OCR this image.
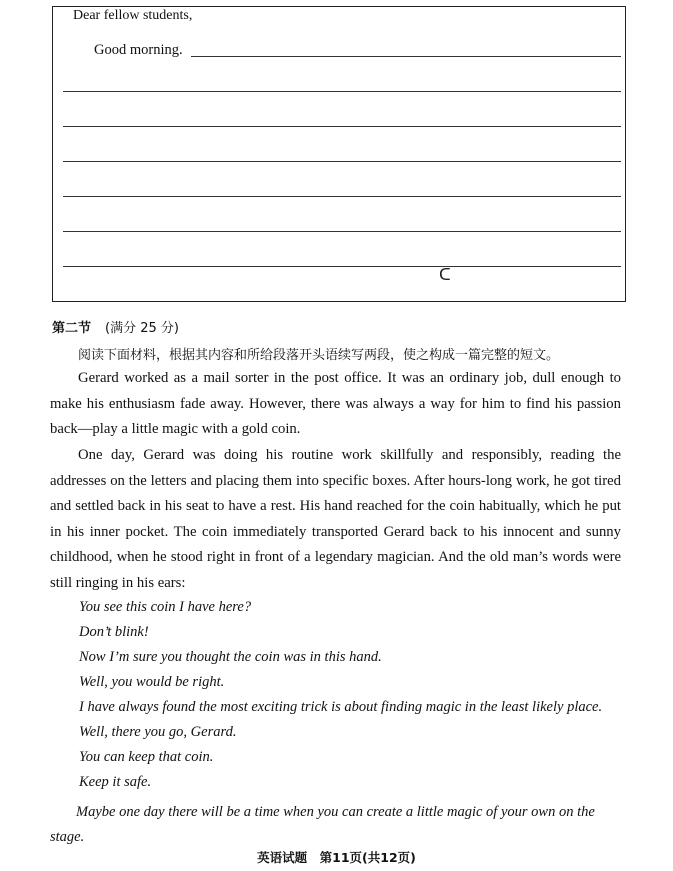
Dear fellow students,
Good morning.
ᑕ
第二节 (满分 25 分)
阅读下面材料，根据其内容和所给段落开头语续写两段，使之构成一篇完整的短文。

Gerard worked as a mail sorter in the post office. It was an ordinary job, dull enough to make his enthusiasm fade away. However, there was always a way for him to find his passion back—play a little magic with a gold coin.

One day, Gerard was doing his routine work skillfully and responsibly, reading the addresses on the letters and placing them into specific boxes. After hours-long work, he got tired and settled back in his seat to have a rest. His hand reached for the coin habitually, which he put in his inner pocket. The coin immediately transported Gerard back to his innocent and sunny childhood, when he stood right in front of a legendary magician. And the old man’s words were still ringing in his ears:

You see this coin I have here?

Don’t blink!

Now I’m sure you thought the coin was in this hand.

Well, you would be right.

I have always found the most exciting trick is about finding magic in the least likely place.

Well, there you go, Gerard.

You can keep that coin.

Keep it safe.

Maybe one day there will be a time when you can create a little magic of your own on the stage.

英语试题　第11页(共12页)
